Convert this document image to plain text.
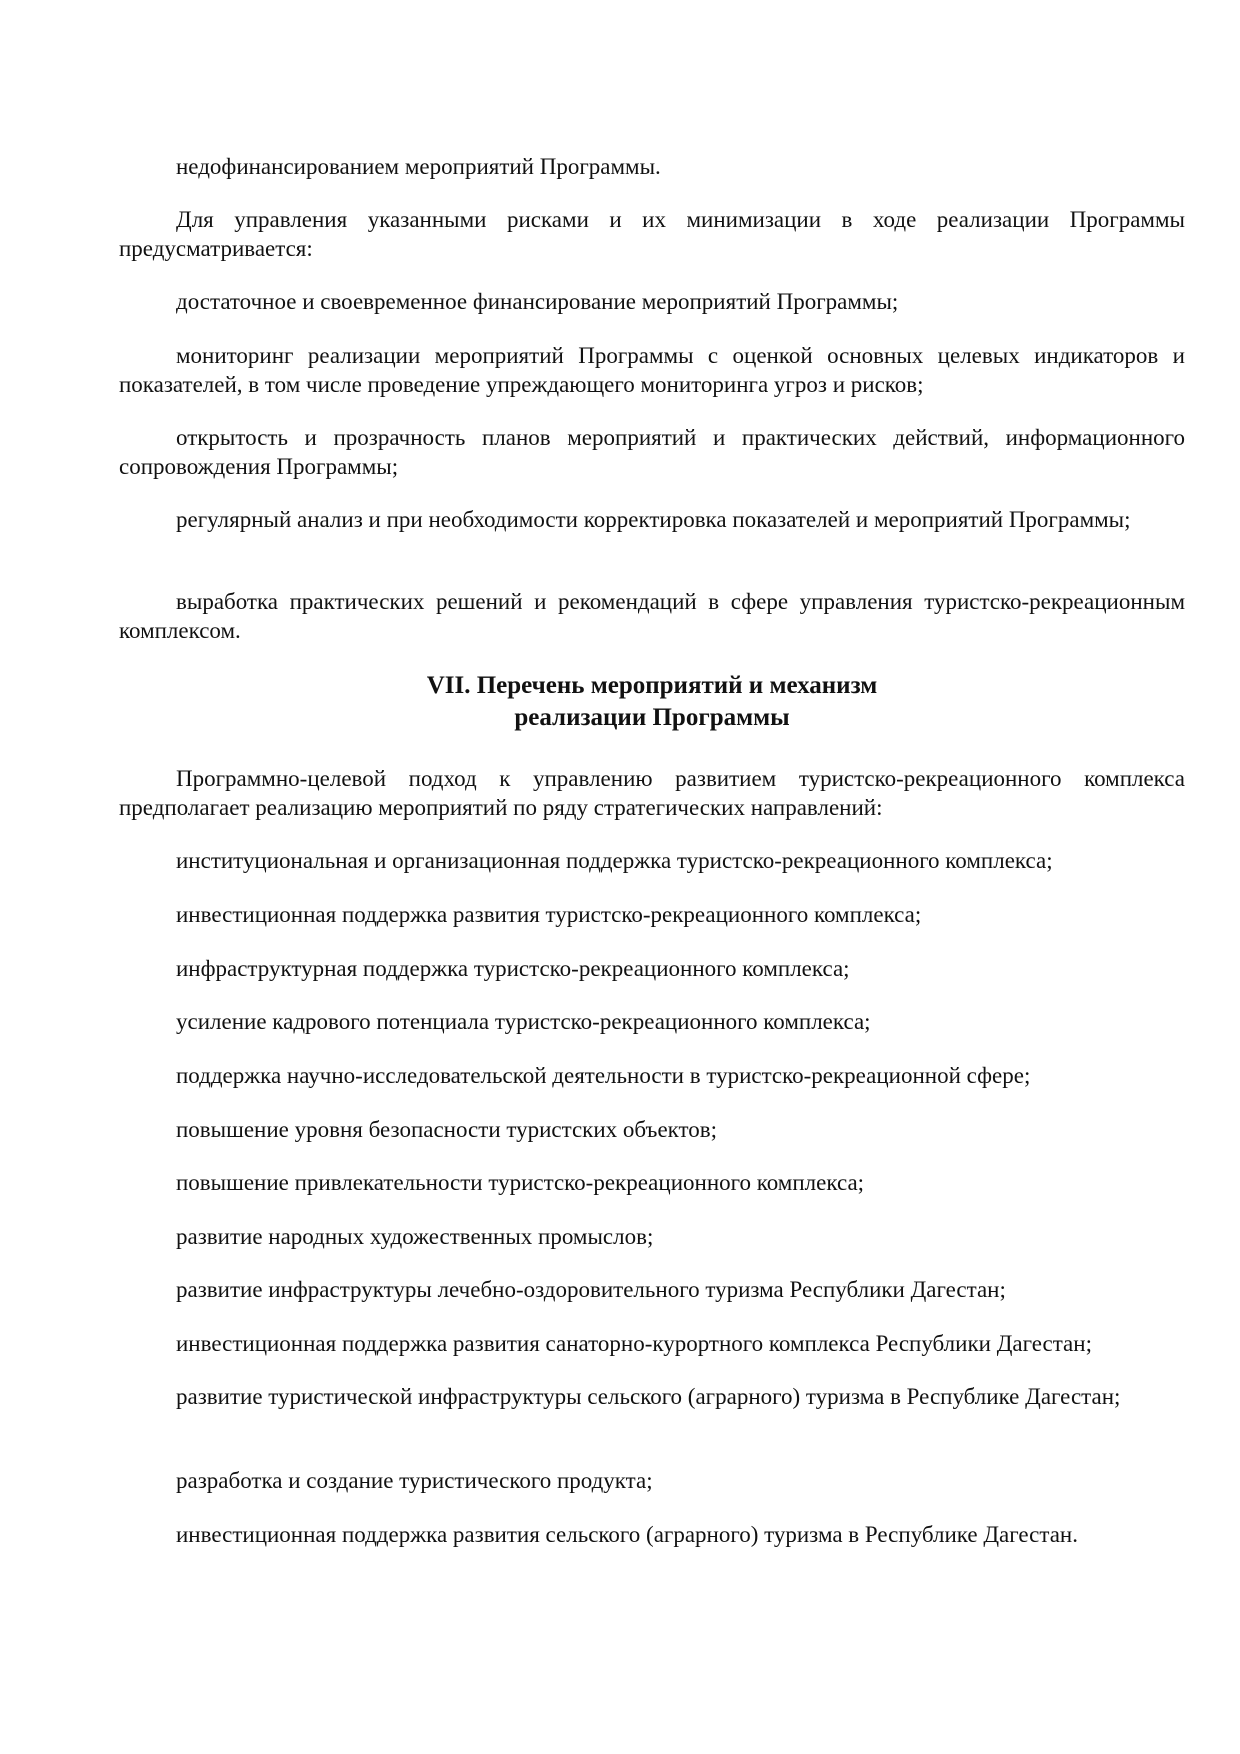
недофинансированием мероприятий Программы.

Для управления указанными рисками и их минимизации в ходе реализации Программы предусматривается:

достаточное и своевременное финансирование мероприятий Программы;

мониторинг реализации мероприятий Программы с оценкой основных целевых индикаторов и показателей, в том числе проведение упреждающего мониторинга угроз и рисков;

открытость и прозрачность планов мероприятий и практических действий, информационного сопровождения Программы;

регулярный анализ и при необходимости корректировка показателей и мероприятий Программы;

выработка практических решений и рекомендаций в сфере управления туристско-рекреационным комплексом.

VII. Перечень мероприятий и механизм
реализации Программы

Программно-целевой подход к управлению развитием туристско-рекреационного комплекса предполагает реализацию мероприятий по ряду стратегических направлений:

институциональная и организационная поддержка туристско-рекреационного комплекса;

инвестиционная поддержка развития туристско-рекреационного комплекса;

инфраструктурная поддержка туристско-рекреационного комплекса;

усиление кадрового потенциала туристско-рекреационного комплекса;

поддержка научно-исследовательской деятельности в туристско-рекреационной сфере;

повышение уровня безопасности туристских объектов;

повышение привлекательности туристско-рекреационного комплекса;

развитие народных художественных промыслов;

развитие инфраструктуры лечебно-оздоровительного туризма Республики Дагестан;

инвестиционная поддержка развития санаторно-курортного комплекса Республики Дагестан;

развитие туристической инфраструктуры сельского (аграрного) туризма в Республике Дагестан;

разработка и создание туристического продукта;

инвестиционная поддержка развития сельского (аграрного) туризма в Республике Дагестан.
